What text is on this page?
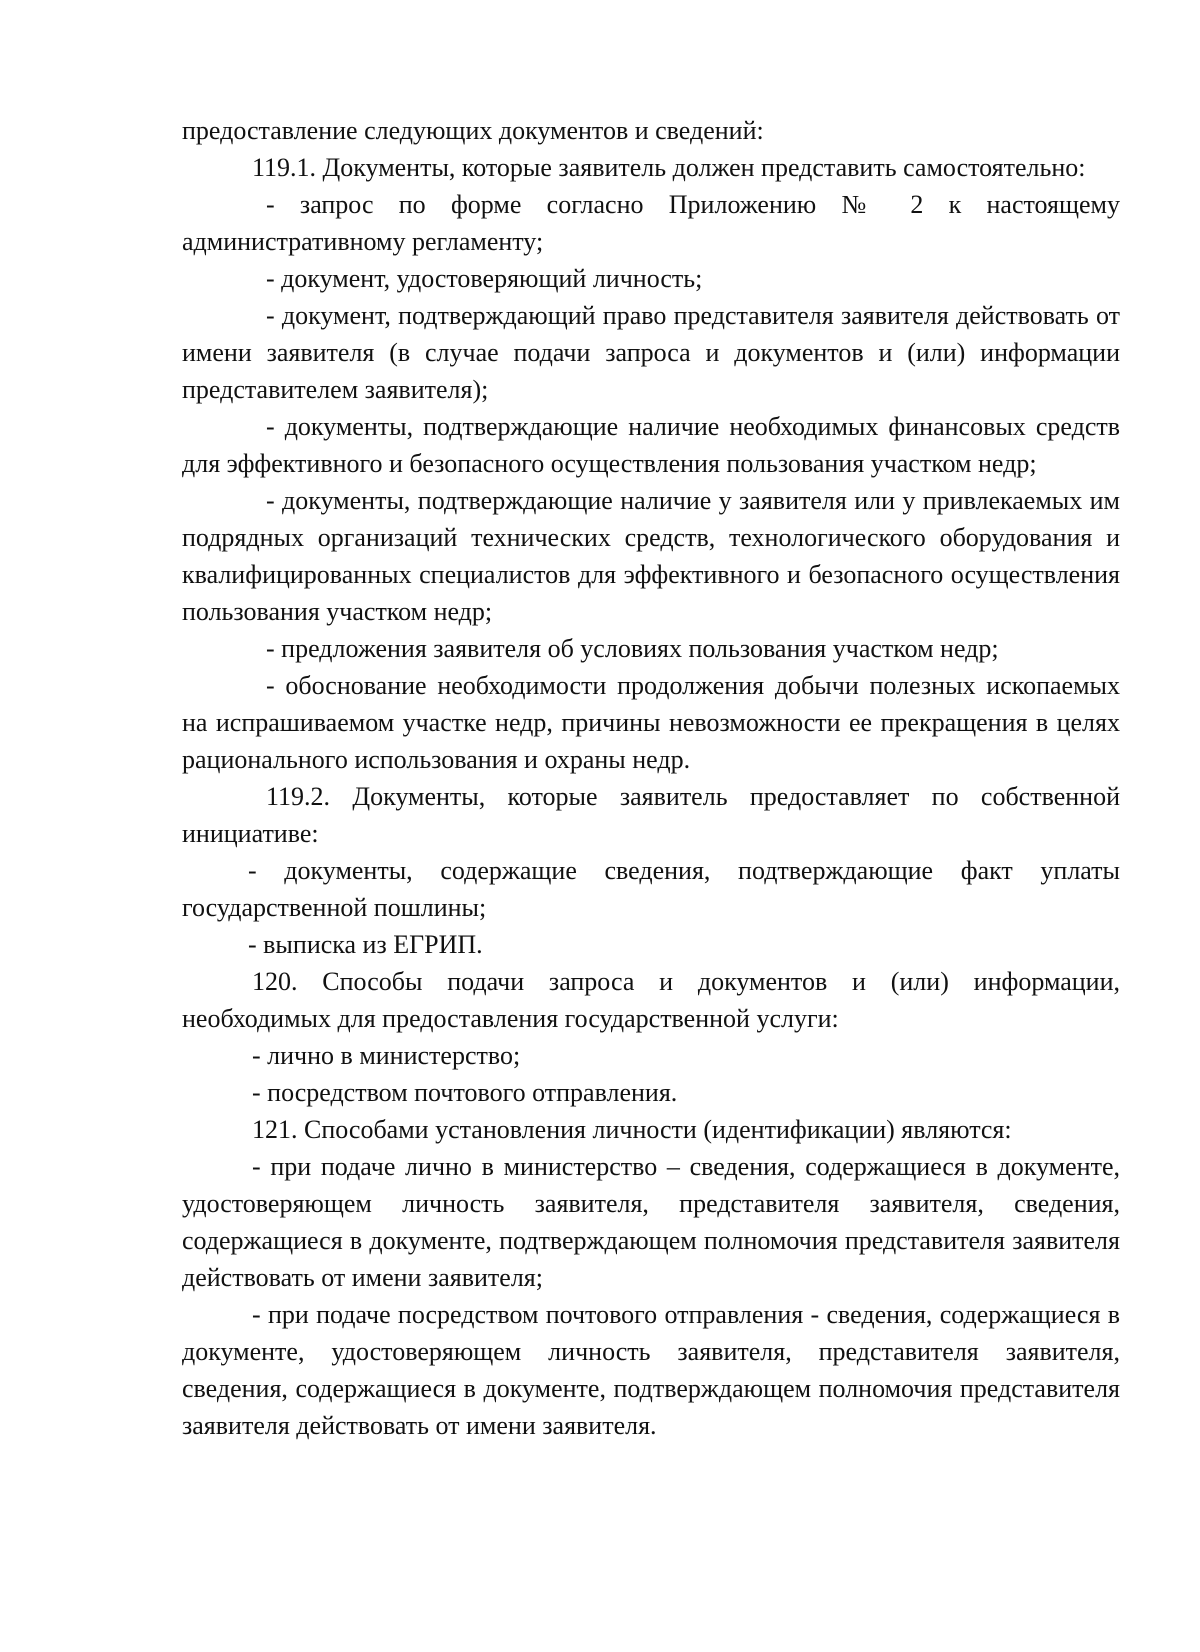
предоставление следующих документов и сведений:

119.1. Документы, которые заявитель должен представить самостоятельно:

- запрос по форме согласно Приложению № 2 к настоящему административному регламенту;

- документ, удостоверяющий личность;

- документ, подтверждающий право представителя заявителя действовать от имени заявителя (в случае подачи запроса и документов и (или) информации представителем заявителя);

- документы, подтверждающие наличие необходимых финансовых средств для эффективного и безопасного осуществления пользования участком недр;

- документы, подтверждающие наличие у заявителя или у привлекаемых им подрядных организаций технических средств, технологического оборудования и квалифицированных специалистов для эффективного и безопасного осуществления пользования участком недр;

- предложения заявителя об условиях пользования участком недр;

- обоснование необходимости продолжения добычи полезных ископаемых на испрашиваемом участке недр, причины невозможности ее прекращения в целях рационального использования и охраны недр.

119.2. Документы, которые заявитель предоставляет по собственной инициативе:

- документы, содержащие сведения, подтверждающие факт уплаты государственной пошлины;

- выписка из ЕГРИП.

120. Способы подачи запроса и документов и (или) информации, необходимых для предоставления государственной услуги:

- лично в министерство;

- посредством почтового отправления.

121. Способами установления личности (идентификации) являются:

- при подаче лично в министерство – сведения, содержащиеся в документе, удостоверяющем личность заявителя, представителя заявителя, сведения, содержащиеся в документе, подтверждающем полномочия представителя заявителя действовать от имени заявителя;

- при подаче посредством почтового отправления - сведения, содержащиеся в документе, удостоверяющем личность заявителя, представителя заявителя, сведения, содержащиеся в документе, подтверждающем полномочия представителя заявителя действовать от имени заявителя.
